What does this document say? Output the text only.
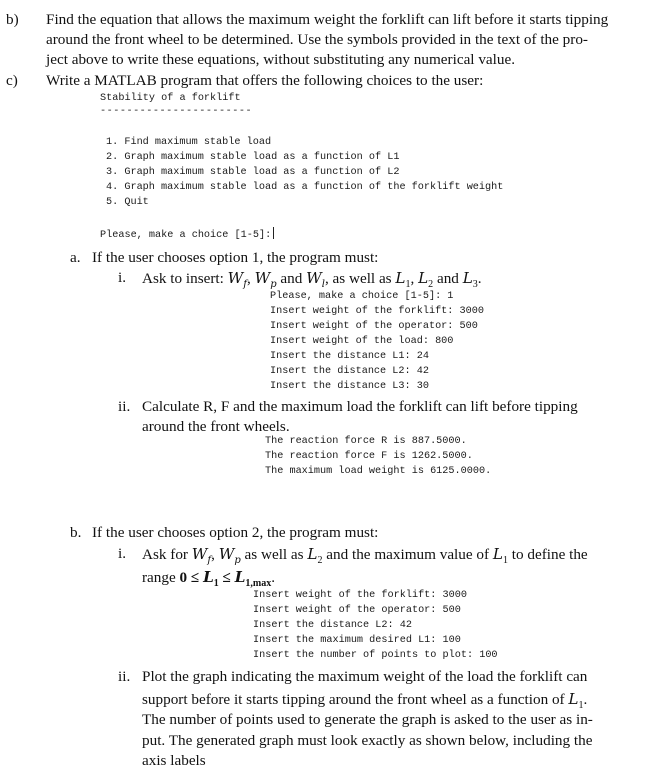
b) Find the equation that allows the maximum weight the forklift can lift before it starts tipping
around the front wheel to be determined. Use the symbols provided in the text of the pro-
ject above to write these equations, without substituting any numerical value.
c) Write a MATLAB program that offers the following choices to the user:
Stability of a forklift
-----------------------
1. Find maximum stable load
2. Graph maximum stable load as a function of L1
3. Graph maximum stable load as a function of L2
4. Graph maximum stable load as a function of the forklift weight
5. Quit
Please, make a choice [1-5]:
a. If the user chooses option 1, the program must:
i. Ask to insert: $W_f$, $W_p$ and $W_l$, as well as $L_1$, $L_2$ and $L_3$.
Please, make a choice [1-5]: 1
Insert weight of the forklift: 3000
Insert weight of the operator: 500
Insert weight of the load: 800
Insert the distance L1: 24
Insert the distance L2: 42
Insert the distance L3: 30
ii. Calculate R, F and the maximum load the forklift can lift before tipping
around the front wheels.
The reaction force R is 887.5000.
The reaction force F is 1262.5000.
The maximum load weight is 6125.0000.
b. If the user chooses option 2, the program must:
i. Ask for $W_f$, $W_p$ as well as $L_2$ and the maximum value of $L_1$ to define the
range $0 \le L_1 \le L_{1,max}$.
Insert weight of the forklift: 3000
Insert weight of the operator: 500
Insert the distance L2: 42
Insert the maximum desired L1: 100
Insert the number of points to plot: 100
ii. Plot the graph indicating the maximum weight of the load the forklift can
support before it starts tipping around the front wheel as a function of $L_1$.
The number of points used to generate the graph is asked to the user as in-
put. The generated graph must look exactly as shown below, including the
axis labels
